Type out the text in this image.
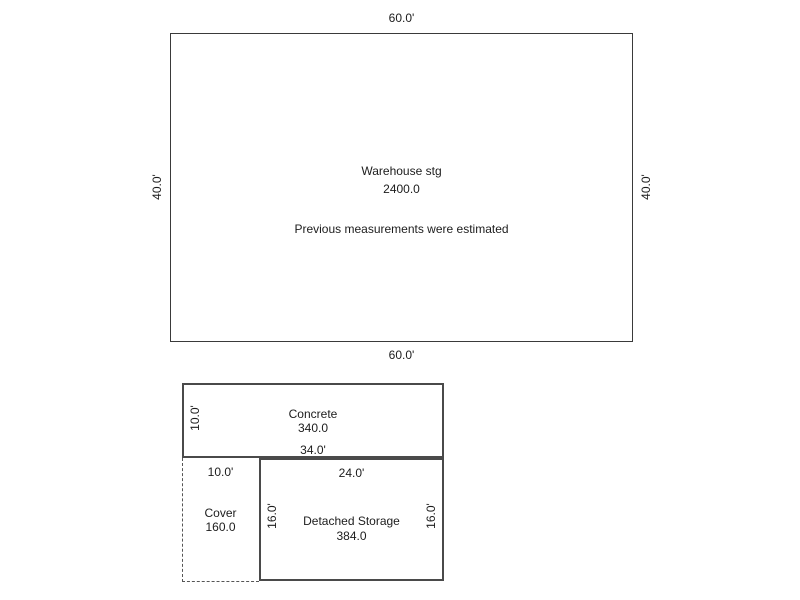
60.0'
60.0'
40.0'	40.0'
Warehouse stg
2400.0
Previous measurements were estimated
10.0'	Concrete
340.0
34.0'
10.0'
Cover
160.0
24.0'
16.0'	16.0'
Detached Storage
384.0
